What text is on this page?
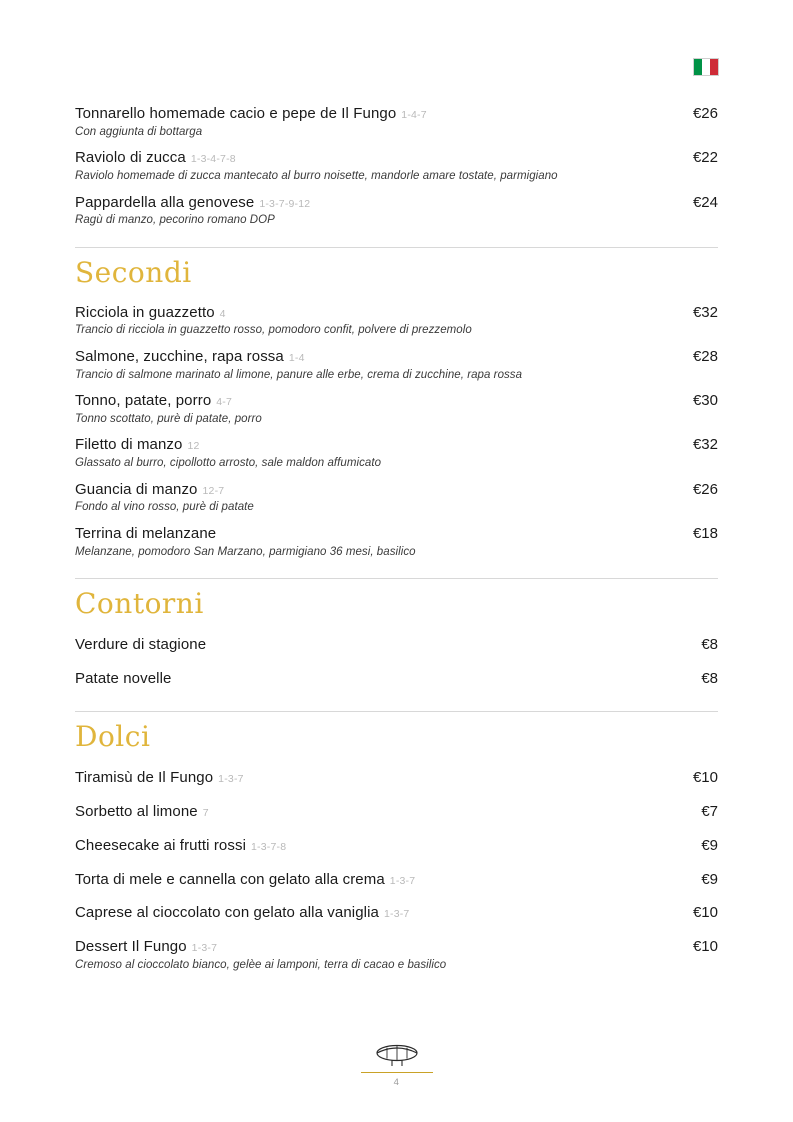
Tonnarello homemade cacio e pepe de Il Fungo 1-4-7	€26
Con aggiunta di bottarga
Raviolo di zucca 1-3-4-7-8	€22
Raviolo homemade di zucca mantecato al burro noisette, mandorle amare tostate, parmigiano
Pappardella alla genovese 1-3-7-9-12	€24
Ragù di manzo, pecorino romano DOP
Secondi
Ricciola in guazzetto 4	€32
Trancio di ricciola in guazzetto rosso, pomodoro confit, polvere di prezzemolo
Salmone, zucchine, rapa rossa 1-4	€28
Trancio di salmone marinato al limone, panure alle erbe, crema di zucchine, rapa rossa
Tonno, patate, porro 4-7	€30
Tonno scottato, purè di patate, porro
Filetto di manzo 12	€32
Glassato al burro, cipollotto arrosto, sale maldon affumicato
Guancia di manzo 12-7	€26
Fondo al vino rosso, purè di patate
Terrina di melanzane	€18
Melanzane, pomodoro San Marzano, parmigiano 36 mesi, basilico
Contorni
Verdure di stagione	€8
Patate novelle	€8
Dolci
Tiramisù de Il Fungo 1-3-7	€10
Sorbetto al limone 7	€7
Cheesecake ai frutti rossi 1-3-7-8	€9
Torta di mele e cannella con gelato alla crema 1-3-7	€9
Caprese al cioccolato con gelato alla vaniglia 1-3-7	€10
Dessert Il Fungo 1-3-7	€10
Cremoso al cioccolato bianco, gelèe ai lamponi, terra di cacao e basilico
4
